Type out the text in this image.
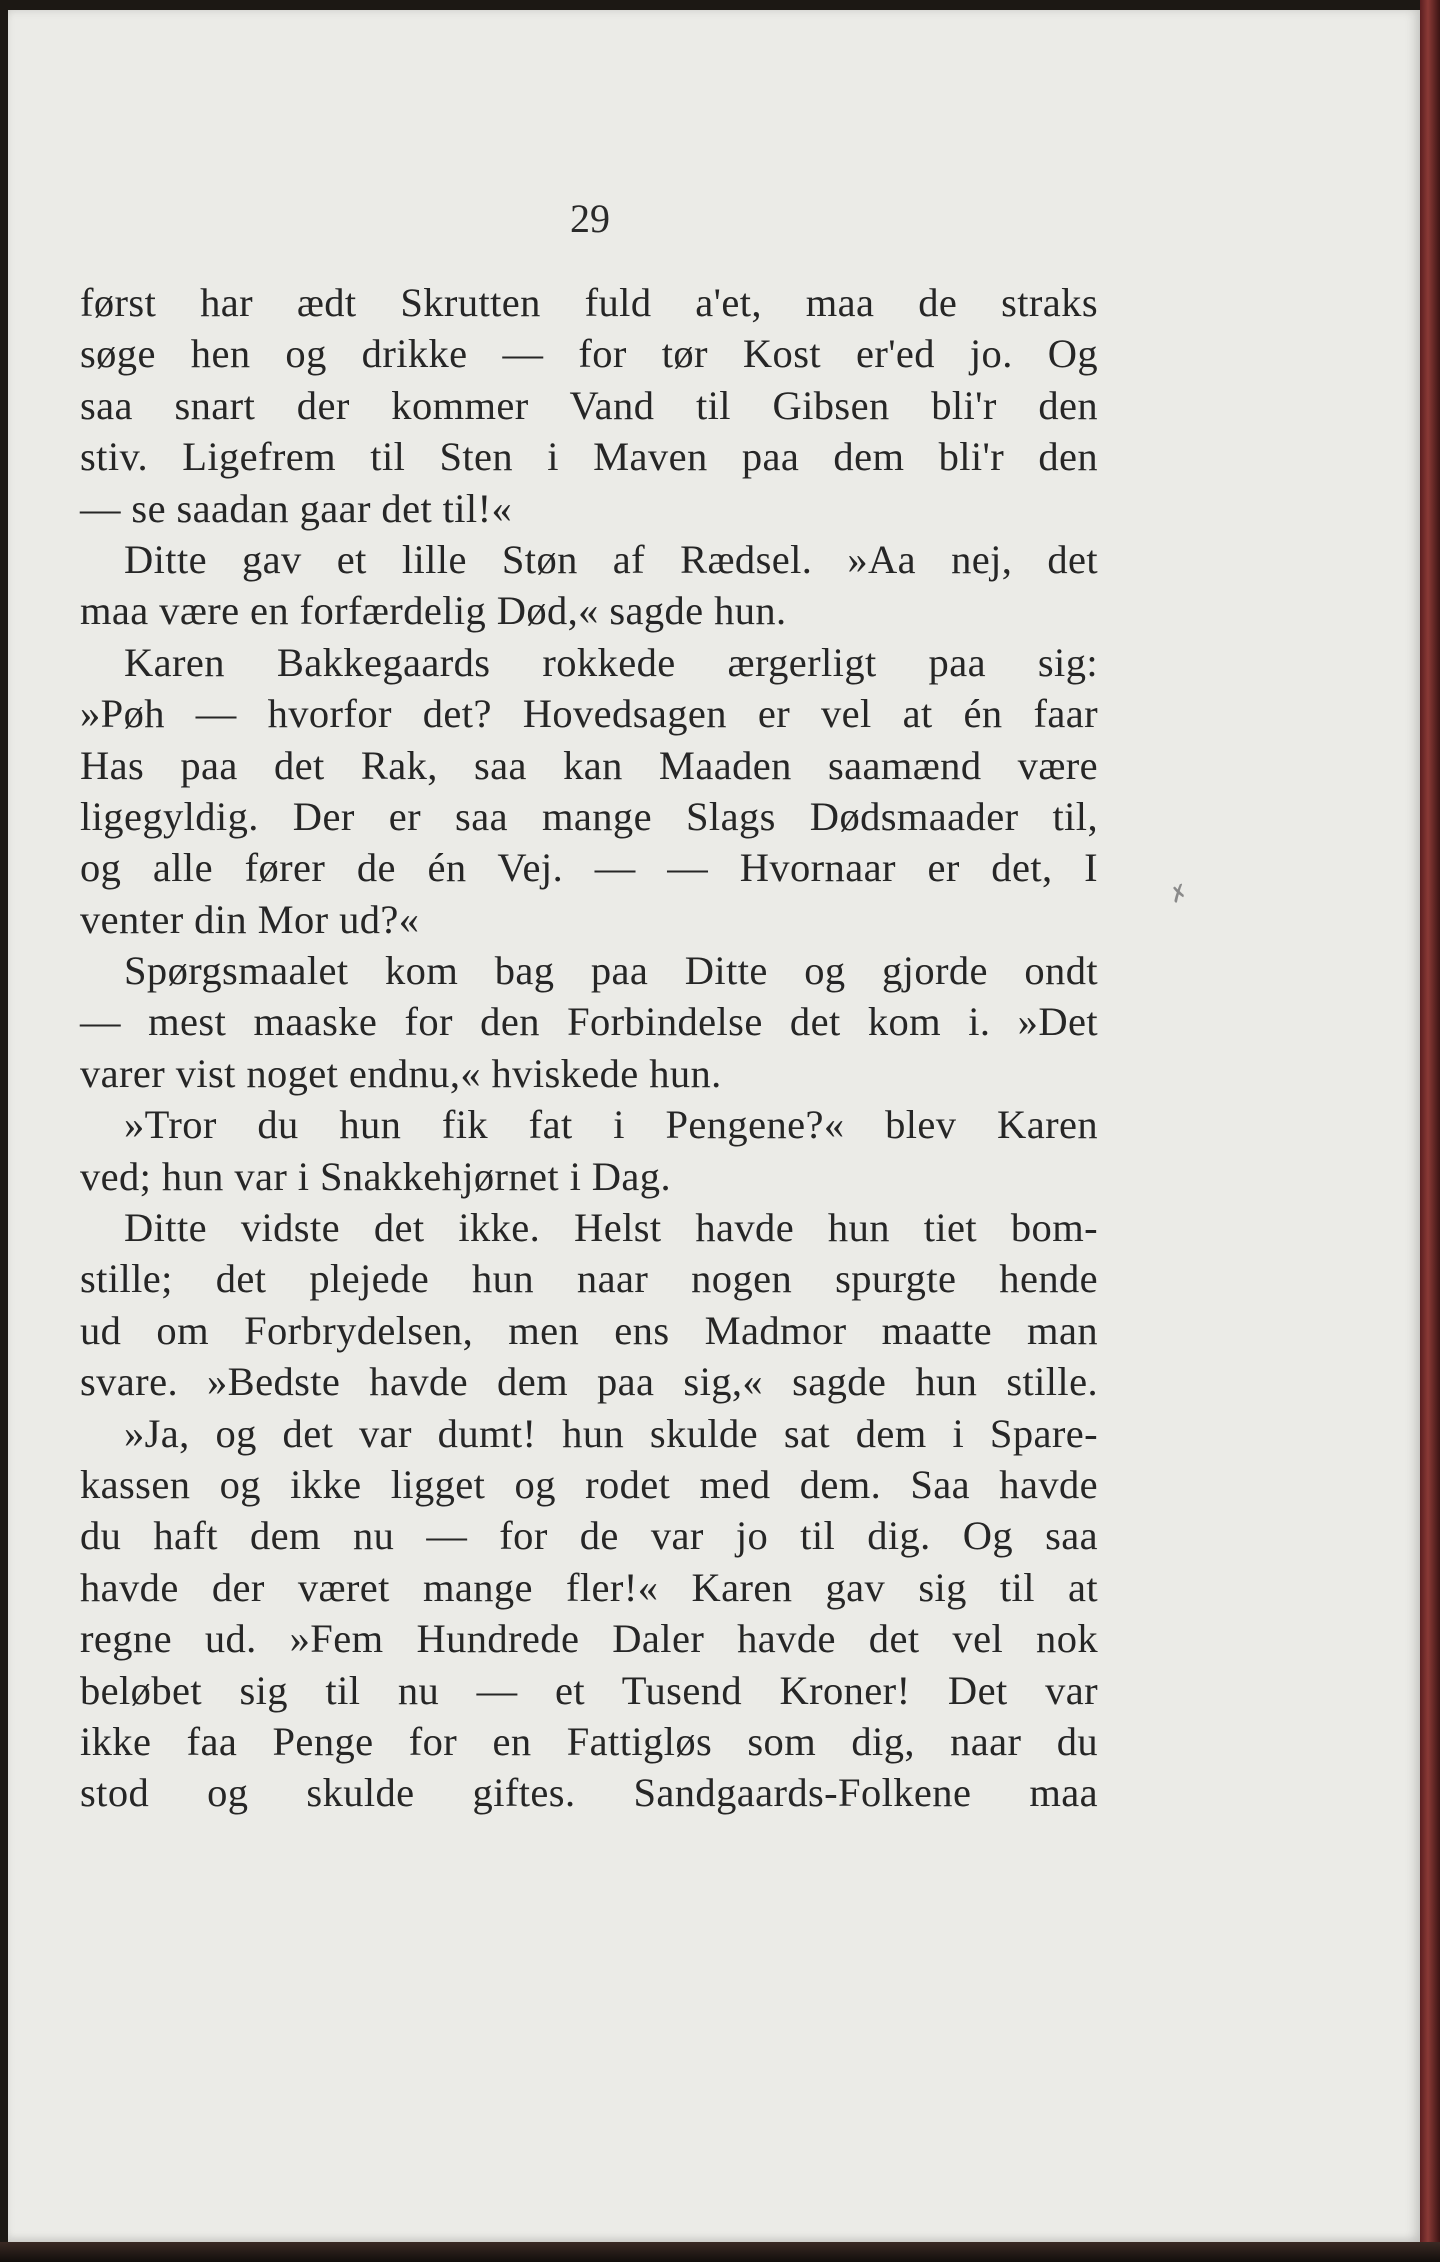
29
først har ædt Skrutten fuld a'et, maa de straks
søge hen og drikke — for tør Kost er'ed jo. Og
saa snart der kommer Vand til Gibsen bli'r den
stiv. Ligefrem til Sten i Maven paa dem bli'r den
— se saadan gaar det til!«
Ditte gav et lille Støn af Rædsel. »Aa nej, det
maa være en forfærdelig Død,« sagde hun.
Karen Bakkegaards rokkede ærgerligt paa sig:
»Pøh — hvorfor det? Hovedsagen er vel at én faar
Has paa det Rak, saa kan Maaden saamænd være
ligegyldig. Der er saa mange Slags Dødsmaader til,
og alle fører de én Vej. — — Hvornaar er det, I
venter din Mor ud?«
Spørgsmaalet kom bag paa Ditte og gjorde ondt
— mest maaske for den Forbindelse det kom i. »Det
varer vist noget endnu,« hviskede hun.
»Tror du hun fik fat i Pengene?« blev Karen
ved; hun var i Snakkehjørnet i Dag.
Ditte vidste det ikke. Helst havde hun tiet bom-
stille; det plejede hun naar nogen spurgte hende
ud om Forbrydelsen, men ens Madmor maatte man
svare. »Bedste havde dem paa sig,« sagde hun stille.
»Ja, og det var dumt! hun skulde sat dem i Spare-
kassen og ikke ligget og rodet med dem. Saa havde
du haft dem nu — for de var jo til dig. Og saa
havde der været mange fler!« Karen gav sig til at
regne ud. »Fem Hundrede Daler havde det vel nok
beløbet sig til nu — et Tusend Kroner! Det var
ikke faa Penge for en Fattigløs som dig, naar du
stod og skulde giftes. Sandgaards-Folkene maa
✗
